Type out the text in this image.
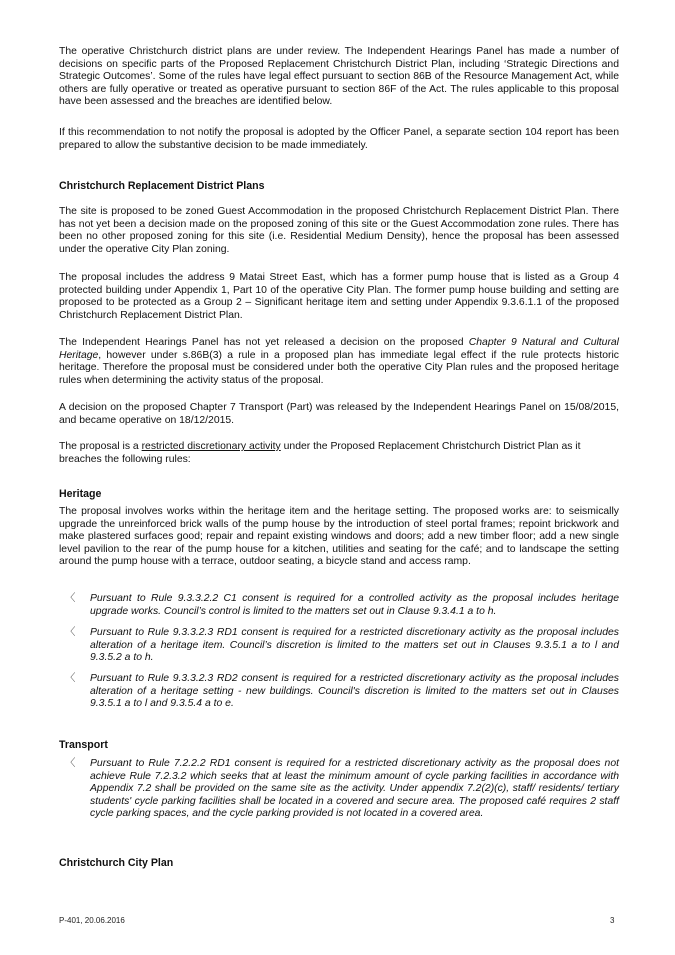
The operative Christchurch district plans are under review. The Independent Hearings Panel has made a number of decisions on specific parts of the Proposed Replacement Christchurch District Plan, including ‘Strategic Directions and Strategic Outcomes’. Some of the rules have legal effect pursuant to section 86B of the Resource Management Act, while others are fully operative or treated as operative pursuant to section 86F of the Act. The rules applicable to this proposal have been assessed and the breaches are identified below.

If this recommendation to not notify the proposal is adopted by the Officer Panel, a separate section 104 report has been prepared to allow the substantive decision to be made immediately.

Christchurch Replacement District Plans

The site is proposed to be zoned Guest Accommodation in the proposed Christchurch Replacement District Plan. There has not yet been a decision made on the proposed zoning of this site or the Guest Accommodation zone rules. There has been no other proposed zoning for this site (i.e. Residential Medium Density), hence the proposal has been assessed under the operative City Plan zoning.

The proposal includes the address 9 Matai Street East, which has a former pump house that is listed as a Group 4 protected building under Appendix 1, Part 10 of the operative City Plan. The former pump house building and setting are proposed to be protected as a Group 2 – Significant heritage item and setting under Appendix 9.3.6.1.1 of the proposed Christchurch Replacement District Plan.

The Independent Hearings Panel has not yet released a decision on the proposed Chapter 9 Natural and Cultural Heritage, however under s.86B(3) a rule in a proposed plan has immediate legal effect if the rule protects historic heritage. Therefore the proposal must be considered under both the operative City Plan rules and the proposed heritage rules when determining the activity status of the proposal.

A decision on the proposed Chapter 7 Transport (Part) was released by the Independent Hearings Panel on 15/08/2015, and became operative on 18/12/2015.

The proposal is a restricted discretionary activity under the Proposed Replacement Christchurch District Plan as it breaches the following rules:

Heritage

The proposal involves works within the heritage item and the heritage setting. The proposed works are: to seismically upgrade the unreinforced brick walls of the pump house by the introduction of steel portal frames; repoint brickwork and make plastered surfaces good; repair and repaint existing windows and doors; add a new timber floor; add a new single level pavilion to the rear of the pump house for a kitchen, utilities and seating for the café; and to landscape the setting around the pump house with a terrace, outdoor seating, a bicycle stand and access ramp.

〈 Pursuant to Rule 9.3.3.2.2 C1 consent is required for a controlled activity as the proposal includes heritage upgrade works. Council’s control is limited to the matters set out in Clause 9.3.4.1 a to h.
〈 Pursuant to Rule 9.3.3.2.3 RD1 consent is required for a restricted discretionary activity as the proposal includes alteration of a heritage item. Council’s discretion is limited to the matters set out in Clauses 9.3.5.1 a to l and 9.3.5.2 a to h.
〈 Pursuant to Rule 9.3.3.2.3 RD2 consent is required for a restricted discretionary activity as the proposal includes alteration of a heritage setting - new buildings. Council's discretion is limited to the matters set out in Clauses 9.3.5.1 a to l and 9.3.5.4 a to e.
Transport
〈 Pursuant to Rule 7.2.2.2 RD1 consent is required for a restricted discretionary activity as the proposal does not achieve Rule 7.2.3.2 which seeks that at least the minimum amount of cycle parking facilities in accordance with Appendix 7.2 shall be provided on the same site as the activity. Under appendix 7.2(2)(c), staff/ residents/ tertiary students' cycle parking facilities shall be located in a covered and secure area. The proposed café requires 2 staff cycle parking spaces, and the cycle parking provided is not located in a covered area.
Christchurch City Plan
P-401, 20.06.2016	3
